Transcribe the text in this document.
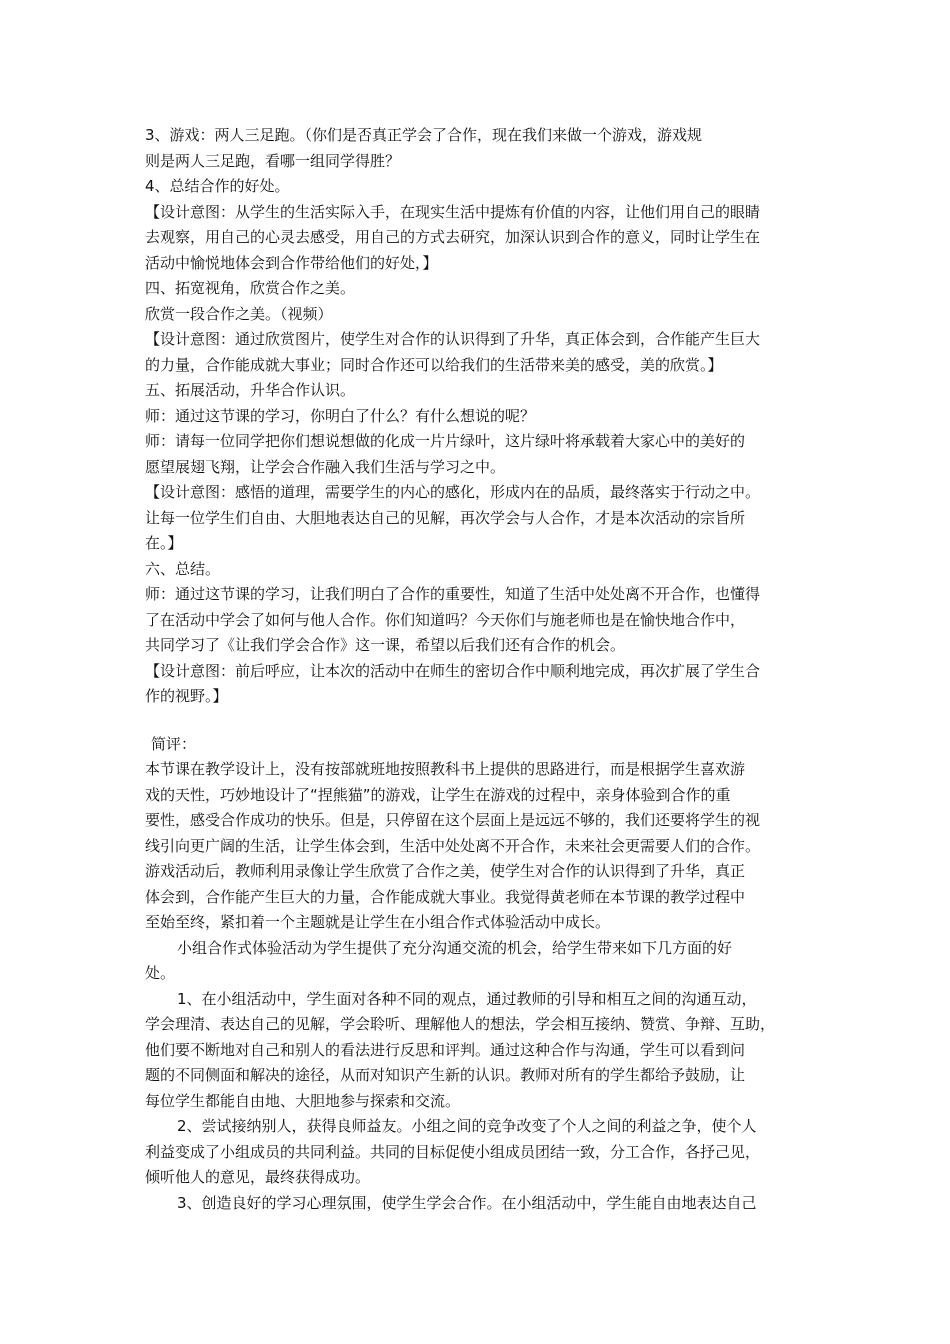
3、游戏：两人三足跑。（你们是否真正学会了合作，现在我们来做一个游戏，游戏规
则是两人三足跑，看哪一组同学得胜？
4、总结合作的好处。
【设计意图：从学生的生活实际入手，在现实生活中提炼有价值的内容，让他们用自己的眼睛
去观察，用自己的心灵去感受，用自己的方式去研究，加深认识到合作的意义，同时让学生在
活动中愉悦地体会到合作带给他们的好处，】
四、拓宽视角，欣赏合作之美。
欣赏一段合作之美。（视频）
【设计意图：通过欣赏图片，使学生对合作的认识得到了升华，真正体会到，合作能产生巨大
的力量，合作能成就大事业；同时合作还可以给我们的生活带来美的感受，美的欣赏。】
五、拓展活动，升华合作认识。
师：通过这节课的学习，你明白了什么？有什么想说的呢？
师：请每一位同学把你们想说想做的化成一片片绿叶，这片绿叶将承载着大家心中的美好的
愿望展翅飞翔，让学会合作融入我们生活与学习之中。
【设计意图：感悟的道理，需要学生的内心的感化，形成内在的品质，最终落实于行动之中。
让每一位学生们自由、大胆地表达自己的见解，再次学会与人合作，才是本次活动的宗旨所
在。】
六、总结。
师：通过这节课的学习，让我们明白了合作的重要性，知道了生活中处处离不开合作，也懂得
了在活动中学会了如何与他人合作。你们知道吗？今天你们与施老师也是在愉快地合作中，
共同学习了《让我们学会合作》这一课，希望以后我们还有合作的机会。
【设计意图：前后呼应，让本次的活动中在师生的密切合作中顺利地完成，再次扩展了学生合
作的视野。】
简评：
本节课在教学设计上，没有按部就班地按照教科书上提供的思路进行，而是根据学生喜欢游
戏的天性，巧妙地设计了“捏熊猫”的游戏，让学生在游戏的过程中，亲身体验到合作的重
要性，感受合作成功的快乐。但是，只停留在这个层面上是远远不够的，我们还要将学生的视
线引向更广阔的生活，让学生体会到，生活中处处离不开合作，未来社会更需要人们的合作。
游戏活动后，教师利用录像让学生欣赏了合作之美，使学生对合作的认识得到了升华，真正
体会到，合作能产生巨大的力量，合作能成就大事业。我觉得黄老师在本节课的教学过程中
至始至终，紧扣着一个主题就是让学生在小组合作式体验活动中成长。
小组合作式体验活动为学生提供了充分沟通交流的机会，给学生带来如下几方面的好
处。
1、在小组活动中，学生面对各种不同的观点，通过教师的引导和相互之间的沟通互动，
学会理清、表达自己的见解，学会聆听、理解他人的想法，学会相互接纳、赞赏、争辩、互助，
他们要不断地对自己和别人的看法进行反思和评判。通过这种合作与沟通，学生可以看到问
题的不同侧面和解决的途径，从而对知识产生新的认识。教师对所有的学生都给予鼓励，让
每位学生都能自由地、大胆地参与探索和交流。
2、尝试接纳别人，获得良师益友。小组之间的竞争改变了个人之间的利益之争，使个人
利益变成了小组成员的共同利益。共同的目标促使小组成员团结一致，分工合作，各抒己见，
倾听他人的意见，最终获得成功。
3、创造良好的学习心理氛围，使学生学会合作。在小组活动中，学生能自由地表达自己
